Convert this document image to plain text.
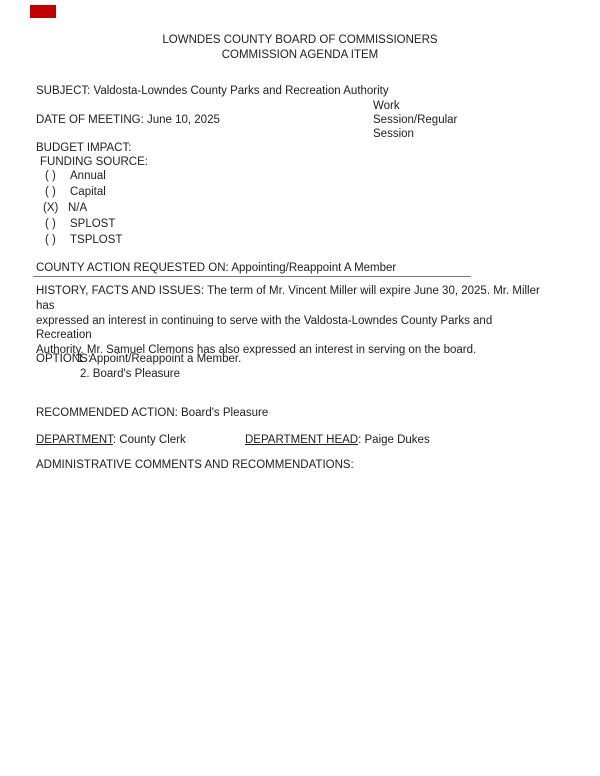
LOWNDES COUNTY BOARD OF COMMISSIONERS
COMMISSION AGENDA ITEM
SUBJECT: Valdosta-Lowndes County Parks and Recreation Authority
Work
Session/Regular
Session
DATE OF MEETING: June 10, 2025
BUDGET IMPACT:
FUNDING SOURCE:
( ) Annual
( ) Capital
(X) N/A
( ) SPLOST
( ) TSPLOST
COUNTY ACTION REQUESTED ON: Appointing/Reappoint A Member
HISTORY, FACTS AND ISSUES: The term of Mr. Vincent Miller will expire June 30, 2025. Mr. Miller has
expressed an interest in continuing to serve with the Valdosta-Lowndes County Parks and Recreation
Authority. Mr. Samuel Clemons has also expressed an interest in serving on the board.
OPTIONS:
1. Appoint/Reappoint a Member.
2. Board's Pleasure
RECOMMENDED ACTION: Board's Pleasure
DEPARTMENT: County Clerk	DEPARTMENT HEAD: Paige Dukes
ADMINISTRATIVE COMMENTS AND RECOMMENDATIONS:
